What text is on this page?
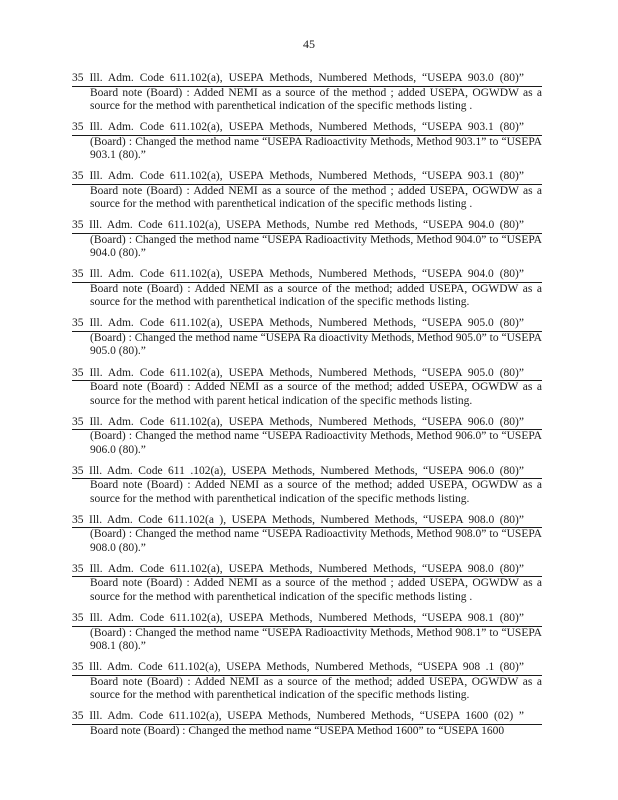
45
35 Ill. Adm. Code 611.102(a), USEPA Methods, Numbered Methods, “USEPA 903.0 (80)”
Board note (Board) : Added NEMI as a source of the method ; added USEPA, OGWDW as a source for the method with parenthetical indication of the specific methods listing .
35 Ill. Adm. Code 611.102(a), USEPA Methods, Numbered Methods, “USEPA 903.1 (80)”
(Board) : Changed the method name “USEPA Radioactivity Methods, Method 903.1” to “USEPA 903.1 (80).”
35 Ill. Adm. Code 611.102(a), USEPA Methods, Numbered Methods, “USEPA 903.1 (80)”
Board note (Board) : Added NEMI as a source of the method ; added USEPA, OGWDW as a source for the method with parenthetical indication of the specific methods listing .
35 Ill. Adm. Code 611.102(a), USEPA Methods, Numbe red Methods, “USEPA 904.0 (80)”
(Board) : Changed the method name “USEPA Radioactivity Methods, Method 904.0” to “USEPA 904.0 (80).”
35 Ill. Adm. Code 611.102(a), USEPA Methods, Numbered Methods, “USEPA 904.0 (80)”
Board note (Board) : Added NEMI as a source of the method; added USEPA, OGWDW as a source for the method with parenthetical indication of the specific methods listing.
35 Ill. Adm. Code 611.102(a), USEPA Methods, Numbered Methods, “USEPA 905.0 (80)”
(Board) : Changed the method name “USEPA Ra dioactivity Methods, Method 905.0” to “USEPA 905.0 (80).”
35 Ill. Adm. Code 611.102(a), USEPA Methods, Numbered Methods, “USEPA 905.0 (80)”
Board note (Board) : Added NEMI as a source of the method; added USEPA, OGWDW as a source for the method with parent hetical indication of the specific methods listing.
35 Ill. Adm. Code 611.102(a), USEPA Methods, Numbered Methods, “USEPA 906.0 (80)”
(Board) : Changed the method name “USEPA Radioactivity Methods, Method 906.0” to “USEPA 906.0 (80).”
35 Ill. Adm. Code 611 .102(a), USEPA Methods, Numbered Methods, “USEPA 906.0 (80)”
Board note (Board) : Added NEMI as a source of the method; added USEPA, OGWDW as a source for the method with parenthetical indication of the specific methods listing.
35 Ill. Adm. Code 611.102(a ), USEPA Methods, Numbered Methods, “USEPA 908.0 (80)”
(Board) : Changed the method name “USEPA Radioactivity Methods, Method 908.0” to “USEPA 908.0 (80).”
35 Ill. Adm. Code 611.102(a), USEPA Methods, Numbered Methods, “USEPA 908.0 (80)”
Board note (Board) : Added NEMI as a source of the method ; added USEPA, OGWDW as a source for the method with parenthetical indication of the specific methods listing .
35 Ill. Adm. Code 611.102(a), USEPA Methods, Numbered Methods, “USEPA 908.1 (80)”
(Board) : Changed the method name “USEPA Radioactivity Methods, Method 908.1” to “USEPA 908.1 (80).”
35 Ill. Adm. Code 611.102(a), USEPA Methods, Numbered Methods, “USEPA 908 .1 (80)”
Board note (Board) : Added NEMI as a source of the method; added USEPA, OGWDW as a source for the method with parenthetical indication of the specific methods listing.
35 Ill. Adm. Code 611.102(a), USEPA Methods, Numbered Methods, “USEPA 1600 (02) ”
Board note (Board) : Changed the method name “USEPA Method 1600” to “USEPA 1600
